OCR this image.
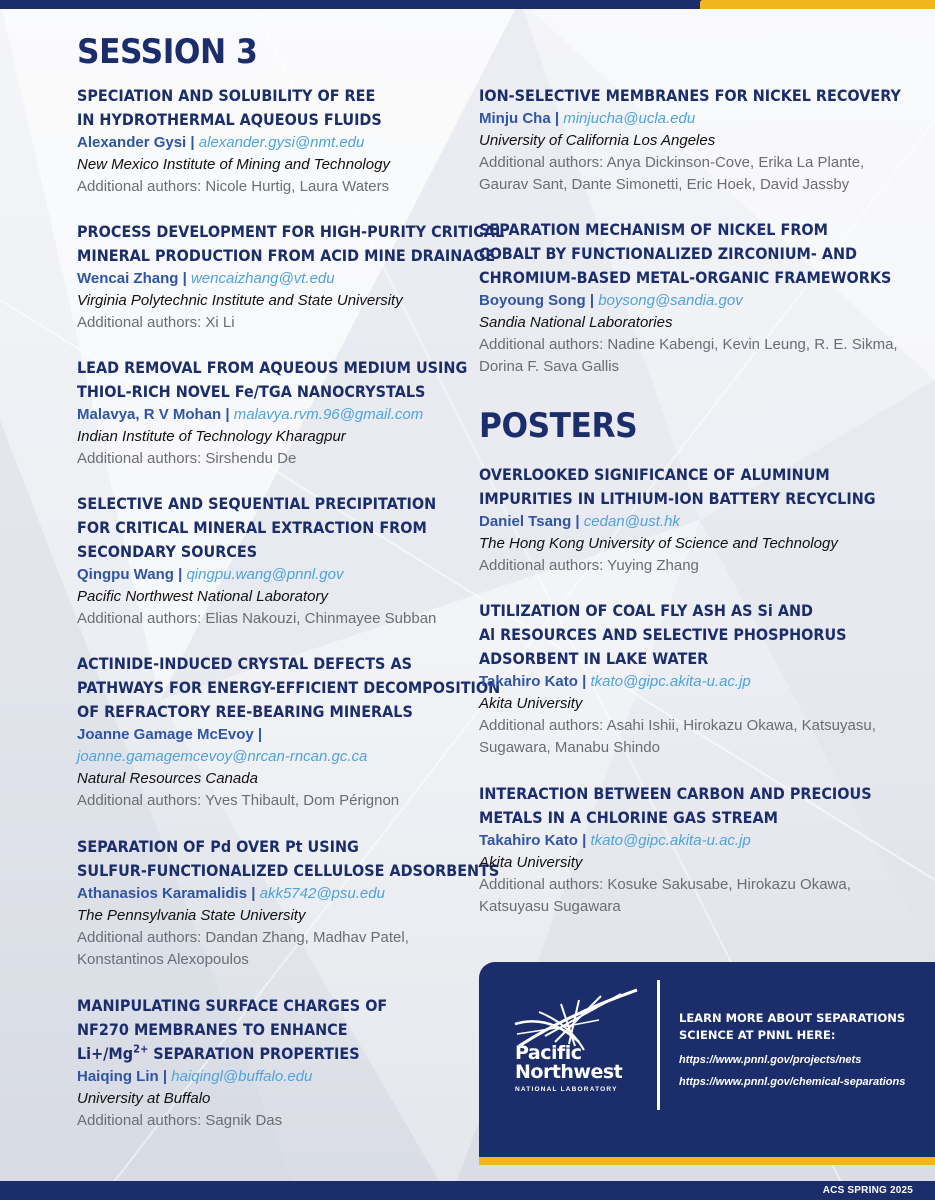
SESSION 3

SPECIATION AND SOLUBILITY OF REE
IN HYDROTHERMAL AQUEOUS FLUIDS

Alexander Gysi | alexander.gysi@nmt.edu
New Mexico Institute of Mining and Technology
Additional authors: Nicole Hurtig, Laura Waters

PROCESS DEVELOPMENT FOR HIGH-PURITY CRITICAL
MINERAL PRODUCTION FROM ACID MINE DRAINAGE

Wencai Zhang | wencaizhang@vt.edu
Virginia Polytechnic Institute and State University
Additional authors: Xi Li

LEAD REMOVAL FROM AQUEOUS MEDIUM USING
THIOL-RICH NOVEL Fe/TGA NANOCRYSTALS

Malavya, R V Mohan | malavya.rvm.96@gmail.com
Indian Institute of Technology Kharagpur
Additional authors: Sirshendu De

SELECTIVE AND SEQUENTIAL PRECIPITATION
FOR CRITICAL MINERAL EXTRACTION FROM
SECONDARY SOURCES

Qingpu Wang | qingpu.wang@pnnl.gov
Pacific Northwest National Laboratory
Additional authors: Elias Nakouzi, Chinmayee Subban

ACTINIDE-INDUCED CRYSTAL DEFECTS AS
PATHWAYS FOR ENERGY-EFFICIENT DECOMPOSITION
OF REFRACTORY REE-BEARING MINERALS

Joanne Gamage McEvoy |
joanne.gamagemcevoy@nrcan-rncan.gc.ca
Natural Resources Canada
Additional authors: Yves Thibault, Dom Pérignon

SEPARATION OF Pd OVER Pt USING
SULFUR-FUNCTIONALIZED CELLULOSE ADSORBENTS

Athanasios Karamalidis | akk5742@psu.edu
The Pennsylvania State University
Additional authors: Dandan Zhang, Madhav Patel,
Konstantinos Alexopoulos

MANIPULATING SURFACE CHARGES OF
NF270 MEMBRANES TO ENHANCE
$Li+/Mg^{2+}$ SEPARATION PROPERTIES

Haiqing Lin | haiqingl@buffalo.edu
University at Buffalo
Additional authors: Sagnik Das

ION-SELECTIVE MEMBRANES FOR NICKEL RECOVERY

Minju Cha | minjucha@ucla.edu
University of California Los Angeles
Additional authors: Anya Dickinson-Cove, Erika La Plante,
Gaurav Sant, Dante Simonetti, Eric Hoek, David Jassby

SEPARATION MECHANISM OF NICKEL FROM
COBALT BY FUNCTIONALIZED ZIRCONIUM- AND
CHROMIUM-BASED METAL-ORGANIC FRAMEWORKS

Boyoung Song | boysong@sandia.gov
Sandia National Laboratories
Additional authors: Nadine Kabengi, Kevin Leung, R. E. Sikma,
Dorina F. Sava Gallis
POSTERS

OVERLOOKED SIGNIFICANCE OF ALUMINUM
IMPURITIES IN LITHIUM-ION BATTERY RECYCLING

Daniel Tsang | cedan@ust.hk
The Hong Kong University of Science and Technology
Additional authors: Yuying Zhang

UTILIZATION OF COAL FLY ASH AS Si AND
Al RESOURCES AND SELECTIVE PHOSPHORUS
ADSORBENT IN LAKE WATER

Takahiro Kato | tkato@gipc.akita-u.ac.jp
Akita University
Additional authors: Asahi Ishii, Hirokazu Okawa, Katsuyasu,
Sugawara, Manabu Shindo

INTERACTION BETWEEN CARBON AND PRECIOUS
METALS IN A CHLORINE GAS STREAM

Takahiro Kato | tkato@gipc.akita-u.ac.jp
Akita University
Additional authors: Kosuke Sakusabe, Hirokazu Okawa,
Katsuyasu Sugawara
Pacific
Northwest
NATIONAL LABORATORY
LEARN MORE ABOUT SEPARATIONS
SCIENCE AT PNNL HERE:
https://www.pnnl.gov/projects/nets
https://www.pnnl.gov/chemical-separations
ACS SPRING 2025
